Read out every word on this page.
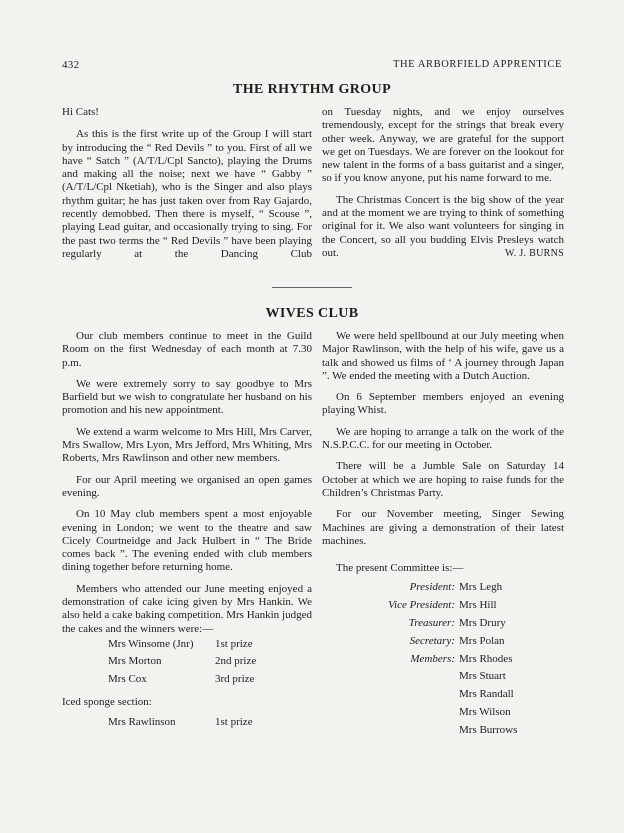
432	THE ARBORFIELD APPRENTICE
THE RHYTHM GROUP

Hi Cats!

As this is the first write up of the Group I will start by introducing the “ Red Devils ” to you. First of all we have “ Satch ” (A/T/L/Cpl Sancto), playing the Drums and making all the noise; next we have “ Gabby ” (A/T/L/Cpl Nketiah), who is the Singer and also plays rhythm guitar; he has just taken over from Ray Gajardo, recently demobbed. Then there is myself, “ Scouse ”, playing Lead guitar, and occasionally trying to sing. For the past two terms the “ Red Devils ” have been playing regularly at the Dancing Club

on Tuesday nights, and we enjoy ourselves tremendously, except for the strings that break every other week. Anyway, we are grateful for the support we get on Tuesdays. We are forever on the lookout for new talent in the forms of a bass guitarist and a singer, so if you know anyone, put his name forward to me.

The Christmas Concert is the big show of the year and at the moment we are trying to think of something original for it. We also want volunteers for singing in the Concert, so all you budding Elvis Presleys watch out.	W. J. BURNS

WIVES CLUB

Our club members continue to meet in the Guild Room on the first Wednesday of each month at 7.30 p.m.

We were extremely sorry to say goodbye to Mrs Barfield but we wish to congratulate her husband on his promotion and his new appointment.

We extend a warm welcome to Mrs Hill, Mrs Carver, Mrs Swallow, Mrs Lyon, Mrs Jefford, Mrs Whiting, Mrs Roberts, Mrs Rawlinson and other new members.

For our April meeting we organised an open games evening.

On 10 May club members spent a most enjoyable evening in London; we went to the theatre and saw Cicely Courtneidge and Jack Hulbert in “ The Bride comes back ”. The evening ended with club members dining together before returning home.

Members who attended our June meeting enjoyed a demonstration of cake icing given by Mrs Hankin. We also held a cake baking competition. Mrs Hankin judged the cakes and the winners were:—

Mrs Winsome (Jnr)	1st prize
Mrs Morton	2nd prize
Mrs Cox	3rd prize
Iced sponge section:
Mrs Rawlinson	1st prize

We were held spellbound at our July meeting when Major Rawlinson, with the help of his wife, gave us a talk and showed us films of ‘ A journey through Japan ”. We ended the meeting with a Dutch Auction.

On 6 September members enjoyed an evening playing Whist.

We are hoping to arrange a talk on the work of the N.S.P.C.C. for our meeting in October.

There will be a Jumble Sale on Saturday 14 October at which we are hoping to raise funds for the Children’s Christmas Party.

For our November meeting, Singer Sewing Machines are giving a demonstration of their latest machines.

The present Committee is:—

President: Mrs Legh
Vice President: Mrs Hill
Treasurer: Mrs Drury
Secretary: Mrs Polan
Members: Mrs Rhodes
Mrs Stuart
Mrs Randall
Mrs Wilson
Mrs Burrows
